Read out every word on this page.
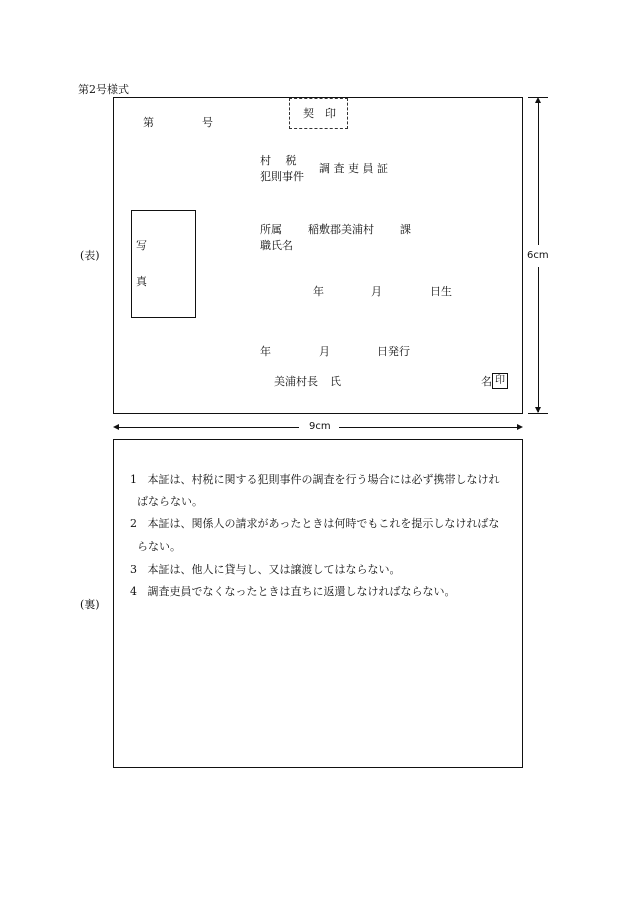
第2号様式
(表)
第	号
契　印
村　 税
犯則事件
調 査 吏 員 証
写
真
所属 稲敷郡美浦村 課
職氏名
年	月	日生
年	月	日発行
美浦村長 氏	名 印
6cm
9cm
(裏)
1 本証は、村税に関する犯則事件の調査を行う場合には必ず携帯しなけれ
ばならない。
2 本証は、関係人の請求があったときは何時でもこれを提示しなければな
らない。
3 本証は、他人に貸与し、又は譲渡してはならない。
4 調査吏員でなくなったときは直ちに返還しなければならない。
